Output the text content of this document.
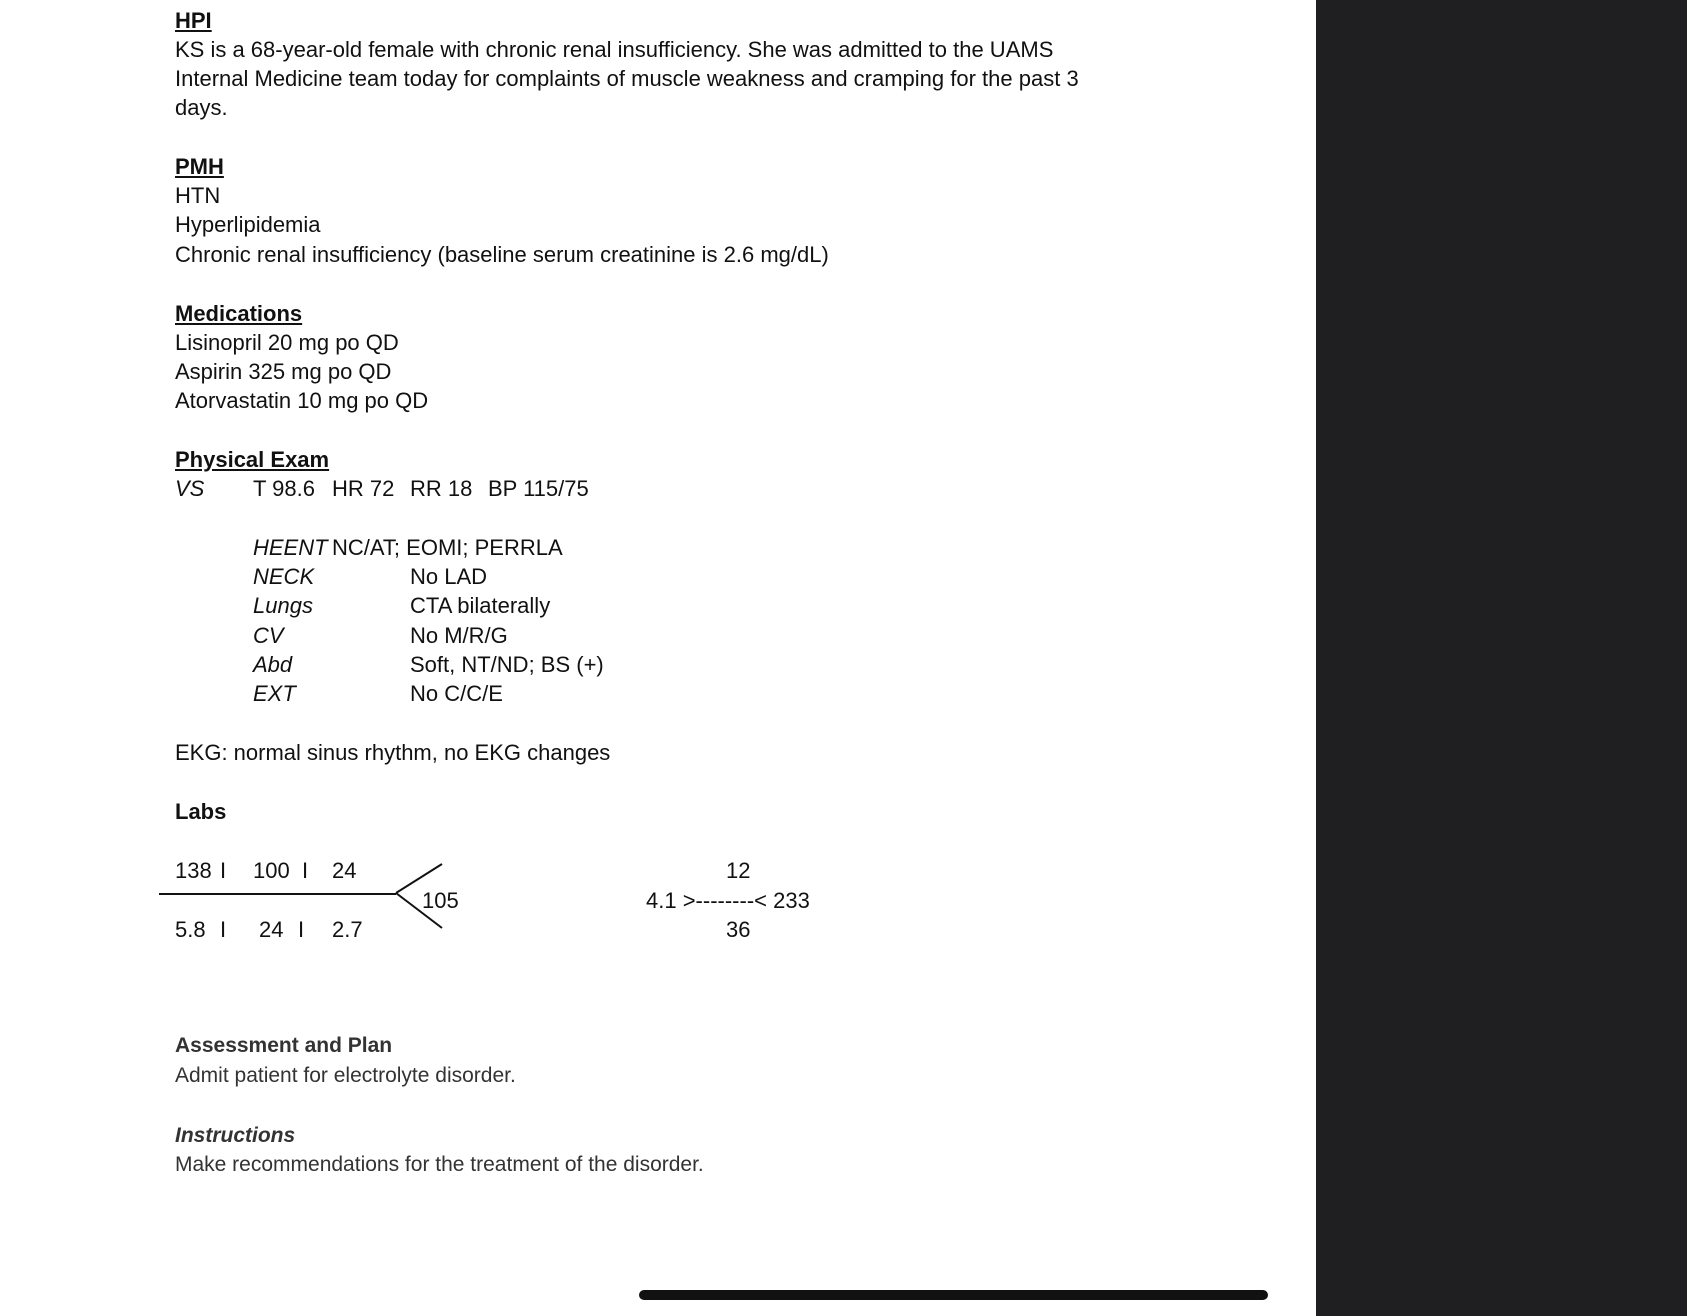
HPI
KS is a 68-year-old female with chronic renal insufficiency. She was admitted to the UAMS
Internal Medicine team today for complaints of muscle weakness and cramping for the past 3
days.
PMH
HTN
Hyperlipidemia
Chronic renal insufficiency (baseline serum creatinine is 2.6 mg/dL)
Medications
Lisinopril 20 mg po QD
Aspirin 325 mg po QD
Atorvastatin 10 mg po QD
Physical Exam
VS T 98.6 HR 72 RR 18 BP 115/75
HEENT NC/AT; EOMI; PERRLA
NECK	No LAD
Lungs	CTA bilaterally
CV	No M/R/G
Abd	Soft, NT/ND; BS (+)
EXT	No C/C/E
EKG: normal sinus rhythm, no EKG changes
Labs
138 I 100 I 24
105
5.8 I 24 I 2.7
12
4.1 >--------< 233
36
Assessment and Plan
Admit patient for electrolyte disorder.
Instructions
Make recommendations for the treatment of the disorder.
